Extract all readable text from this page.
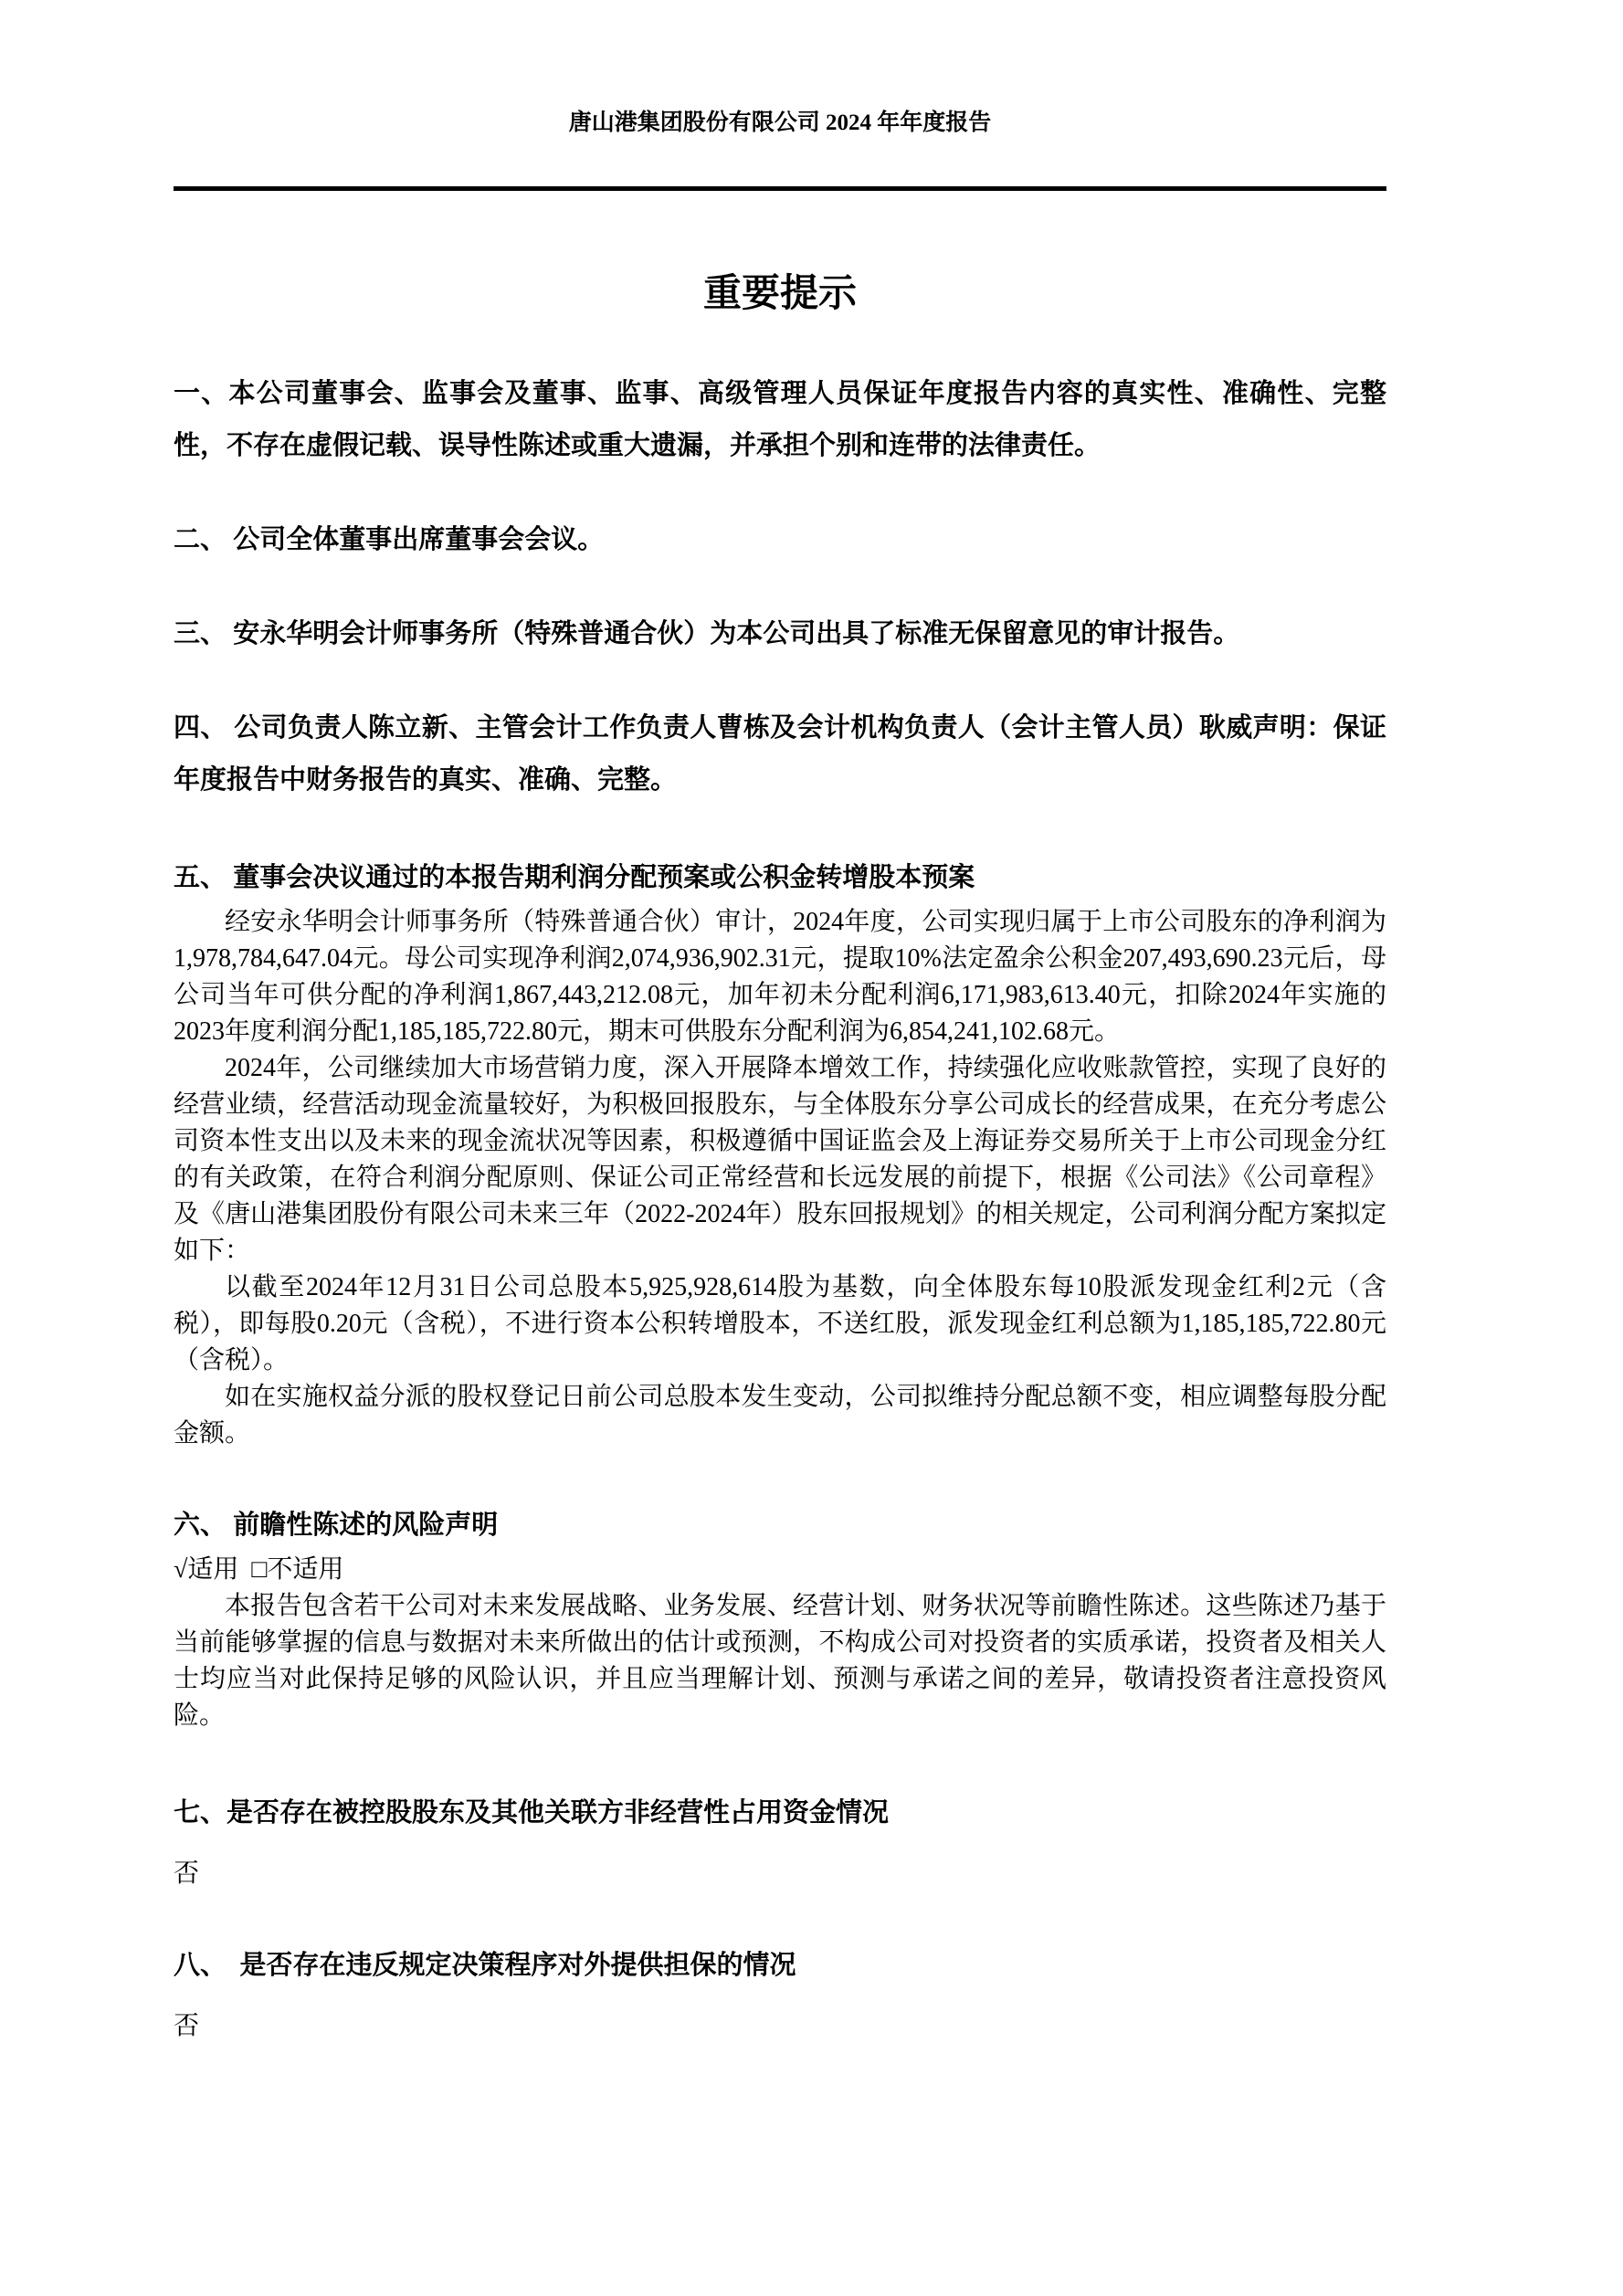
唐山港集团股份有限公司 2024 年年度报告
重要提示

一、本公司董事会、监事会及董事、监事、高级管理人员保证年度报告内容的真实性、准确性、完整性，不存在虚假记载、误导性陈述或重大遗漏，并承担个别和连带的法律责任。

二、 公司全体董事出席董事会会议。

三、 安永华明会计师事务所（特殊普通合伙）为本公司出具了标准无保留意见的审计报告。

四、 公司负责人陈立新、主管会计工作负责人曹栋及会计机构负责人（会计主管人员）耿威声明：保证年度报告中财务报告的真实、准确、完整。

五、 董事会决议通过的本报告期利润分配预案或公积金转增股本预案

经安永华明会计师事务所（特殊普通合伙）审计，2024年度，公司实现归属于上市公司股东的净利润为1,978,784,647.04元。母公司实现净利润2,074,936,902.31元，提取10%法定盈余公积金207,493,690.23元后，母公司当年可供分配的净利润1,867,443,212.08元，加年初未分配利润6,171,983,613.40元，扣除2024年实施的2023年度利润分配1,185,185,722.80元，期末可供股东分配利润为6,854,241,102.68元。

2024年，公司继续加大市场营销力度，深入开展降本增效工作，持续强化应收账款管控，实现了良好的经营业绩，经营活动现金流量较好，为积极回报股东，与全体股东分享公司成长的经营成果，在充分考虑公司资本性支出以及未来的现金流状况等因素，积极遵循中国证监会及上海证券交易所关于上市公司现金分红的有关政策，在符合利润分配原则、保证公司正常经营和长远发展的前提下，根据《公司法》《公司章程》及《唐山港集团股份有限公司未来三年（2022-2024年）股东回报规划》的相关规定，公司利润分配方案拟定如下：

以截至2024年12月31日公司总股本5,925,928,614股为基数，向全体股东每10股派发现金红利2元（含税），即每股0.20元（含税），不进行资本公积转增股本，不送红股，派发现金红利总额为1,185,185,722.80元（含税）。

如在实施权益分派的股权登记日前公司总股本发生变动，公司拟维持分配总额不变，相应调整每股分配金额。

六、 前瞻性陈述的风险声明

√适用 □不适用

本报告包含若干公司对未来发展战略、业务发展、经营计划、财务状况等前瞻性陈述。这些陈述乃基于当前能够掌握的信息与数据对未来所做出的估计或预测，不构成公司对投资者的实质承诺，投资者及相关人士均应当对此保持足够的风险认识，并且应当理解计划、预测与承诺之间的差异，敬请投资者注意投资风险。

七、是否存在被控股股东及其他关联方非经营性占用资金情况

否

八、　是否存在违反规定决策程序对外提供担保的情况

否
